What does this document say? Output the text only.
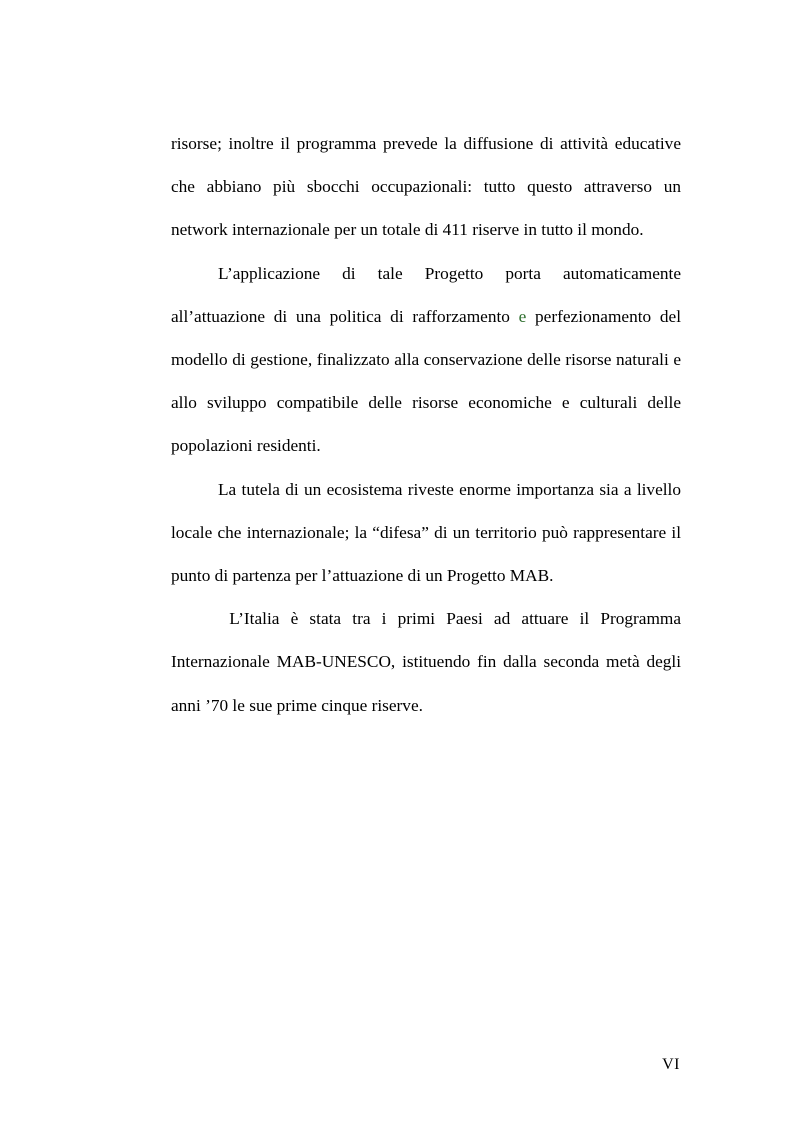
risorse; inoltre il programma prevede la diffusione di attività educative che abbiano più sbocchi occupazionali: tutto questo attraverso un network internazionale per un totale di 411 riserve in tutto il mondo.

L’applicazione di tale Progetto porta automaticamente all’attuazione di una politica di rafforzamento e perfezionamento del modello di gestione, finalizzato alla conservazione delle risorse naturali e allo sviluppo compatibile delle risorse economiche e culturali delle popolazioni residenti.

La tutela di un ecosistema riveste enorme importanza sia a livello locale che internazionale; la “difesa” di un territorio può rappresentare il punto di partenza per l’attuazione di un Progetto MAB.

L’Italia è stata tra i primi Paesi ad attuare il Programma Internazionale MAB-UNESCO, istituendo fin dalla seconda metà degli anni ’70 le sue prime cinque riserve.

VI
